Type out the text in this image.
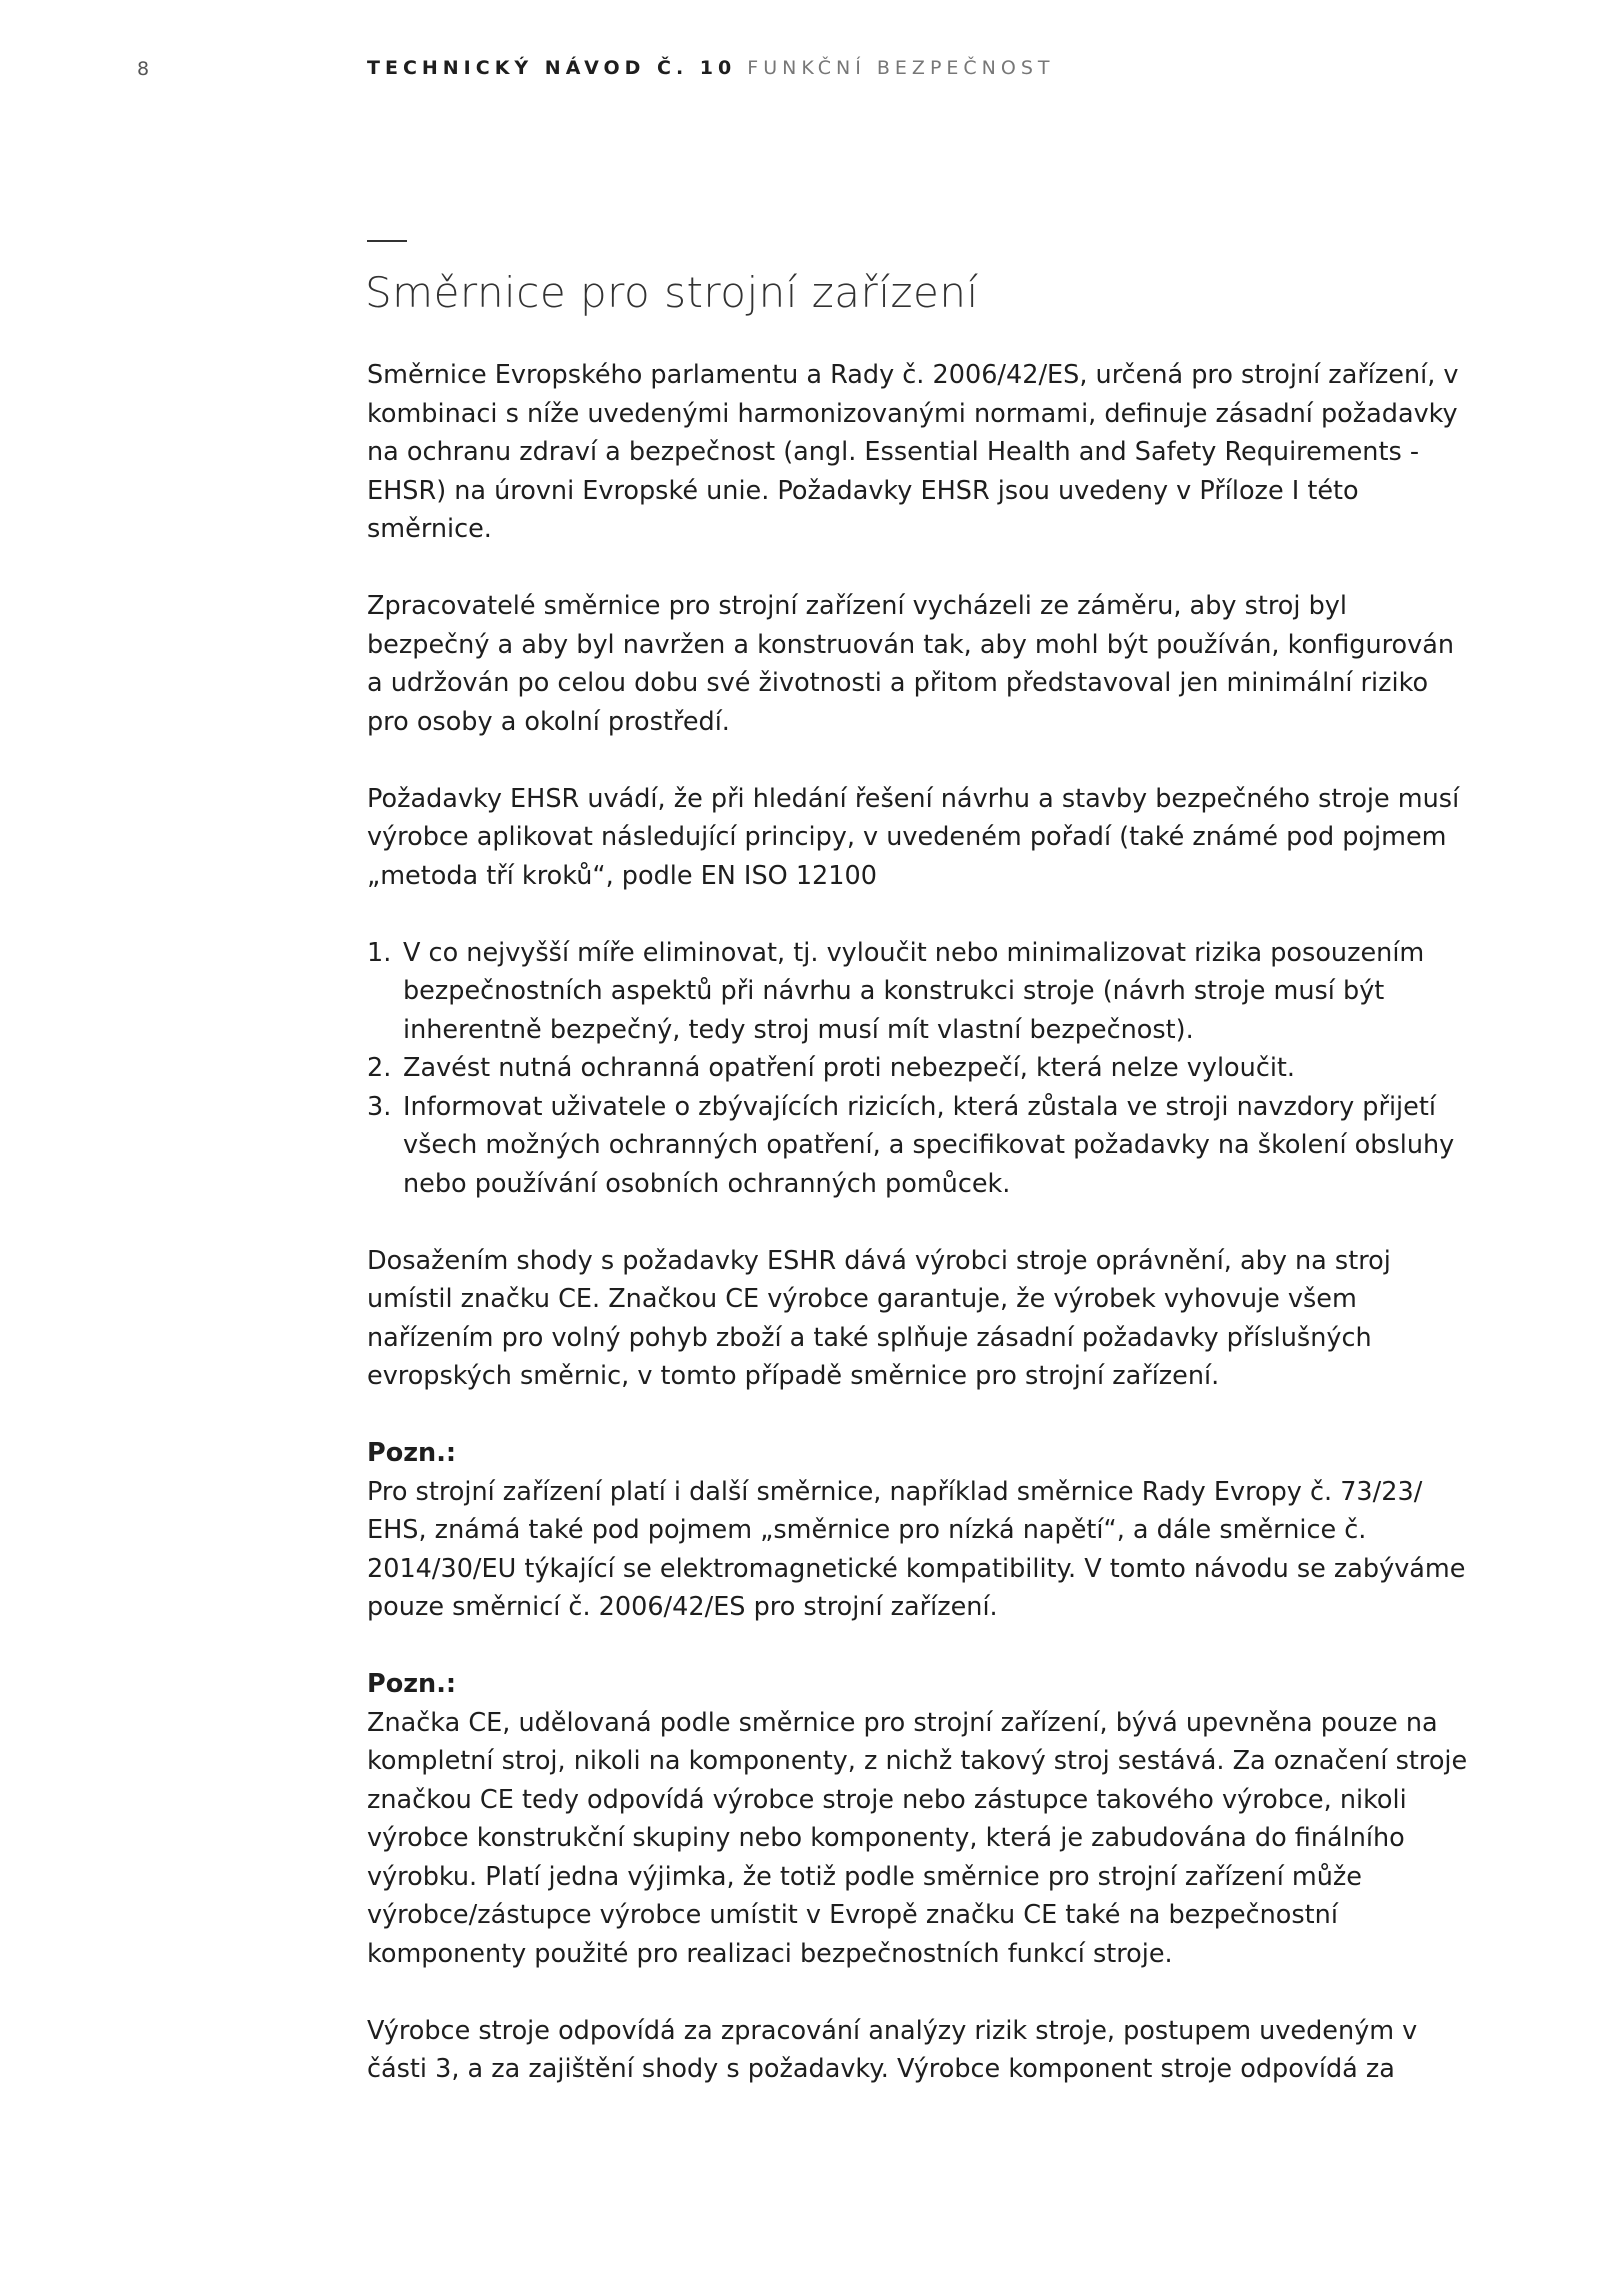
8	TECHNICKÝ NÁVOD Č. 10 FUNKČNÍ BEZPEČNOST
Směrnice pro strojní zařízení

Směrnice Evropského parlamentu a Rady č. 2006/42/ES, určená pro strojní zařízení, v kombinaci s níže uvedenými harmonizovanými normami, definuje zásadní požadavky na ochranu zdraví a bezpečnost (angl. Essential Health and Safety Requirements -EHSR) na úrovni Evropské unie. Požadavky EHSR jsou uvedeny v Příloze I této směrnice.

Zpracovatelé směrnice pro strojní zařízení vycházeli ze záměru, aby stroj byl bezpečný a aby byl navržen a konstruován tak, aby mohl být používán, konfigurován a udržován po celou dobu své životnosti a přitom představoval jen minimální riziko pro osoby a okolní prostředí.

Požadavky EHSR uvádí, že při hledání řešení návrhu a stavby bezpečného stroje musí výrobce aplikovat následující principy, v uvedeném pořadí (také známé pod pojmem „metoda tří kroků“, podle EN ISO 12100

1. V co nejvyšší míře eliminovat, tj. vyloučit nebo minimalizovat rizika posouzením bezpečnostních aspektů při návrhu a konstrukci stroje (návrh stroje musí být inherentně bezpečný, tedy stroj musí mít vlastní bezpečnost).
2. Zavést nutná ochranná opatření proti nebezpečí, která nelze vyloučit.
3. Informovat uživatele o zbývajících rizicích, která zůstala ve stroji navzdory přijetí všech možných ochranných opatření, a specifikovat požadavky na školení obsluhy nebo používání osobních ochranných pomůcek.

Dosažením shody s požadavky ESHR dává výrobci stroje oprávnění, aby na stroj umístil značku CE. Značkou CE výrobce garantuje, že výrobek vyhovuje všem nařízením pro volný pohyb zboží a také splňuje zásadní požadavky příslušných evropských směrnic, v tomto případě směrnice pro strojní zařízení.

Pozn.:
Pro strojní zařízení platí i další směrnice, například směrnice Rady Evropy č. 73/23/ EHS, známá také pod pojmem „směrnice pro nízká napětí“, a dále směrnice č. 2014/30/EU týkající se elektromagnetické kompatibility. V tomto návodu se zabýváme pouze směrnicí č. 2006/42/ES pro strojní zařízení.

Pozn.:
Značka CE, udělovaná podle směrnice pro strojní zařízení, bývá upevněna pouze na kompletní stroj, nikoli na komponenty, z nichž takový stroj sestává. Za označení stroje značkou CE tedy odpovídá výrobce stroje nebo zástupce takového výrobce, nikoli výrobce konstrukční skupiny nebo komponenty, která je zabudována do finálního výrobku. Platí jedna výjimka, že totiž podle směrnice pro strojní zařízení může výrobce/zástupce výrobce umístit v Evropě značku CE také na bezpečnostní komponenty použité pro realizaci bezpečnostních funkcí stroje.

Výrobce stroje odpovídá za zpracování analýzy rizik stroje, postupem uvedeným v části 3, a za zajištění shody s požadavky. Výrobce komponent stroje odpovídá za
